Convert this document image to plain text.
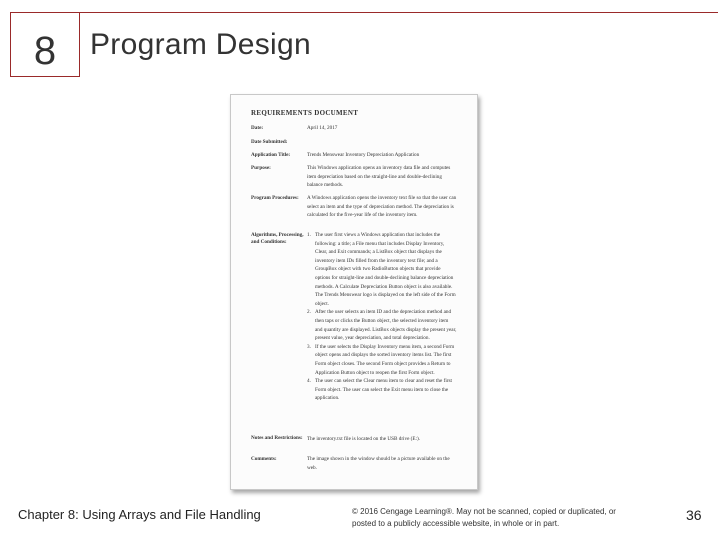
8	Program Design
REQUIREMENTS DOCUMENT
Date:	April 14, 2017
Date Submitted:
Application Title:	Trends Menswear Inventory Depreciation Application
Purpose:	This Windows application opens an inventory data file and computes item depreciation based on the straight-line and double-declining balance methods.
Program Procedures:	A Windows application opens the inventory text file so that the user can select an item and the type of depreciation method. The depreciation is calculated for the five-year life of the inventory item.
Algorithms, Processing, and Conditions:
1. The user first views a Windows application that includes the following: a title; a File menu that includes Display Inventory, Clear, and Exit commands; a ListBox object that displays the inventory item IDs filled from the inventory text file; and a GroupBox object with two RadioButton objects that provide options for straight-line and double-declining balance depreciation methods. A Calculate Depreciation Button object is also available. The Trends Menswear logo is displayed on the left side of the Form object.
2. After the user selects an item ID and the depreciation method and then taps or clicks the Button object, the selected inventory item and quantity are displayed. ListBox objects display the present year, present value, year depreciation, and total depreciation.
3. If the user selects the Display Inventory menu item, a second Form object opens and displays the sorted inventory items list. The first Form object closes. The second Form object provides a Return to Application Button object to reopen the first Form object.
4. The user can select the Clear menu item to clear and reset the first Form object. The user can select the Exit menu item to close the application.
Notes and Restrictions: The inventory.txt file is located on the USB drive (E:).
Comments:	The image shown in the window should be a picture available on the web.
Chapter 8: Using Arrays and File Handling	© 2016 Cengage Learning®. May not be scanned, copied or duplicated, or posted to a publicly accessible website, in whole or in part.
36
